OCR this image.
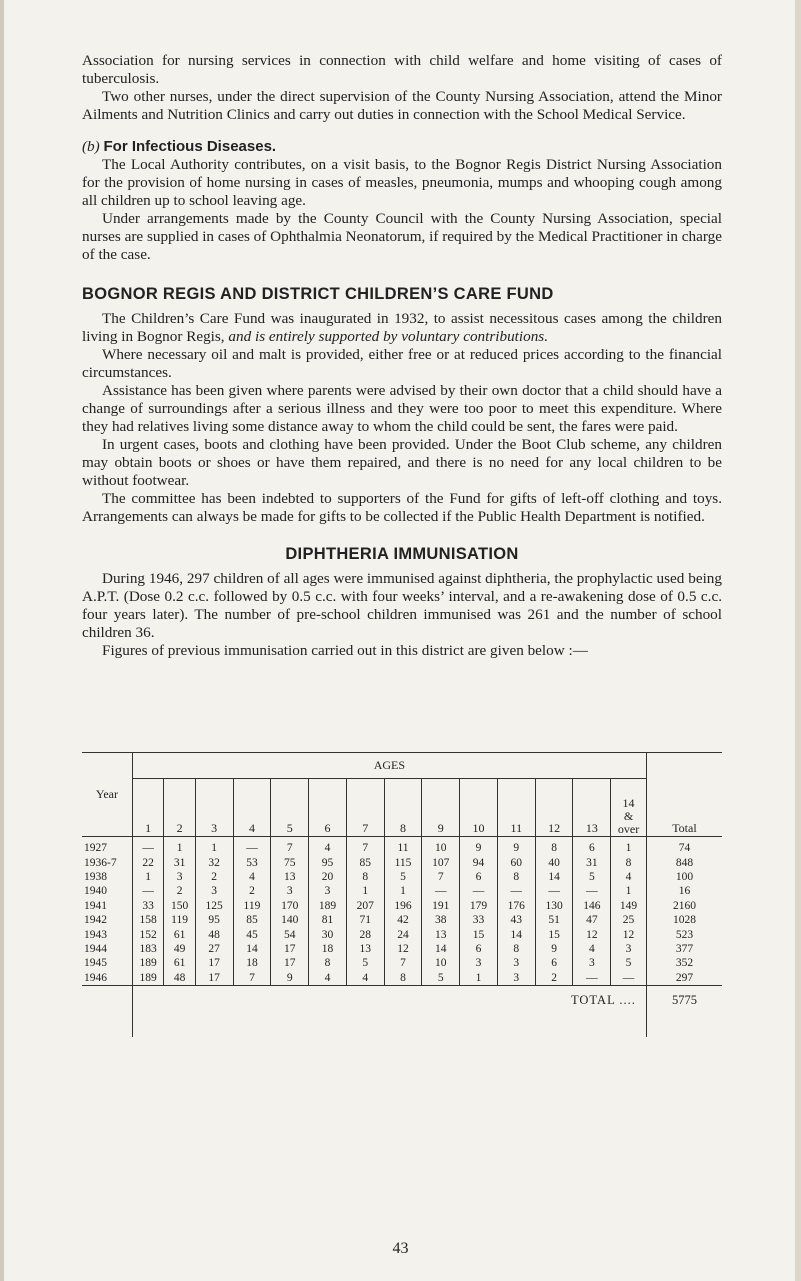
Association for nursing services in connection with child welfare and home visiting of cases of tuberculosis.

Two other nurses, under the direct supervision of the County Nursing Association, attend the Minor Ailments and Nutrition Clinics and carry out duties in connection with the School Medical Service.

(b) For Infectious Diseases.

The Local Authority contributes, on a visit basis, to the Bognor Regis District Nursing Association for the provision of home nursing in cases of measles, pneumonia, mumps and whooping cough among all children up to school leaving age.

Under arrangements made by the County Council with the County Nursing Association, special nurses are supplied in cases of Ophthalmia Neonatorum, if required by the Medical Practitioner in charge of the case.

BOGNOR REGIS AND DISTRICT CHILDREN’S CARE FUND

The Children’s Care Fund was inaugurated in 1932, to assist necessitous cases among the children living in Bognor Regis, and is entirely supported by voluntary contributions.

Where necessary oil and malt is provided, either free or at reduced prices according to the financial circumstances.

Assistance has been given where parents were advised by their own doctor that a child should have a change of surroundings after a serious illness and they were too poor to meet this expenditure. Where they had relatives living some distance away to whom the child could be sent, the fares were paid.

In urgent cases, boots and clothing have been provided. Under the Boot Club scheme, any children may obtain boots or shoes or have them repaired, and there is no need for any local children to be without footwear.

The committee has been indebted to supporters of the Fund for gifts of left-off clothing and toys. Arrangements can always be made for gifts to be collected if the Public Health Department is notified.

DIPHTHERIA IMMUNISATION

During 1946, 297 children of all ages were immunised against diphtheria, the prophylactic used being A.P.T. (Dose 0.2 c.c. followed by 0.5 c.c. with four weeks’ interval, and a re-awakening dose of 0.5 c.c. four years later). The number of pre-school children immunised was 261 and the number of school children 36.

Figures of previous immunisation carried out in this district are given below :—

Year	AGES														
	1	2	3	4	5	6	7	8	9	10	11	12	13	14
&
over	Total
1927	—	1	1	—	7	4	7	11	10	9	9	8	6	1	74
1936-7	22	31	32	53	75	95	85	115	107	94	60	40	31	8	848
1938	1	3	2	4	13	20	8	5	7	6	8	14	5	4	100
1940	—	2	3	2	3	3	1	1	—	—	—	—	—	1	16
1941	33	150	125	119	170	189	207	196	191	179	176	130	146	149	2160
1942	158	119	95	85	140	81	71	42	38	33	43	51	47	25	1028
1943	152	61	48	45	54	30	28	24	13	15	14	15	12	12	523
1944	183	49	27	14	17	18	13	12	14	6	8	9	4	3	377
1945	189	61	17	18	17	8	5	7	10	3	3	6	3	5	352
1946	189	48	17	7	9	4	4	8	5	1	3	2	—	—	297
	TOTAL ....														5775

43
